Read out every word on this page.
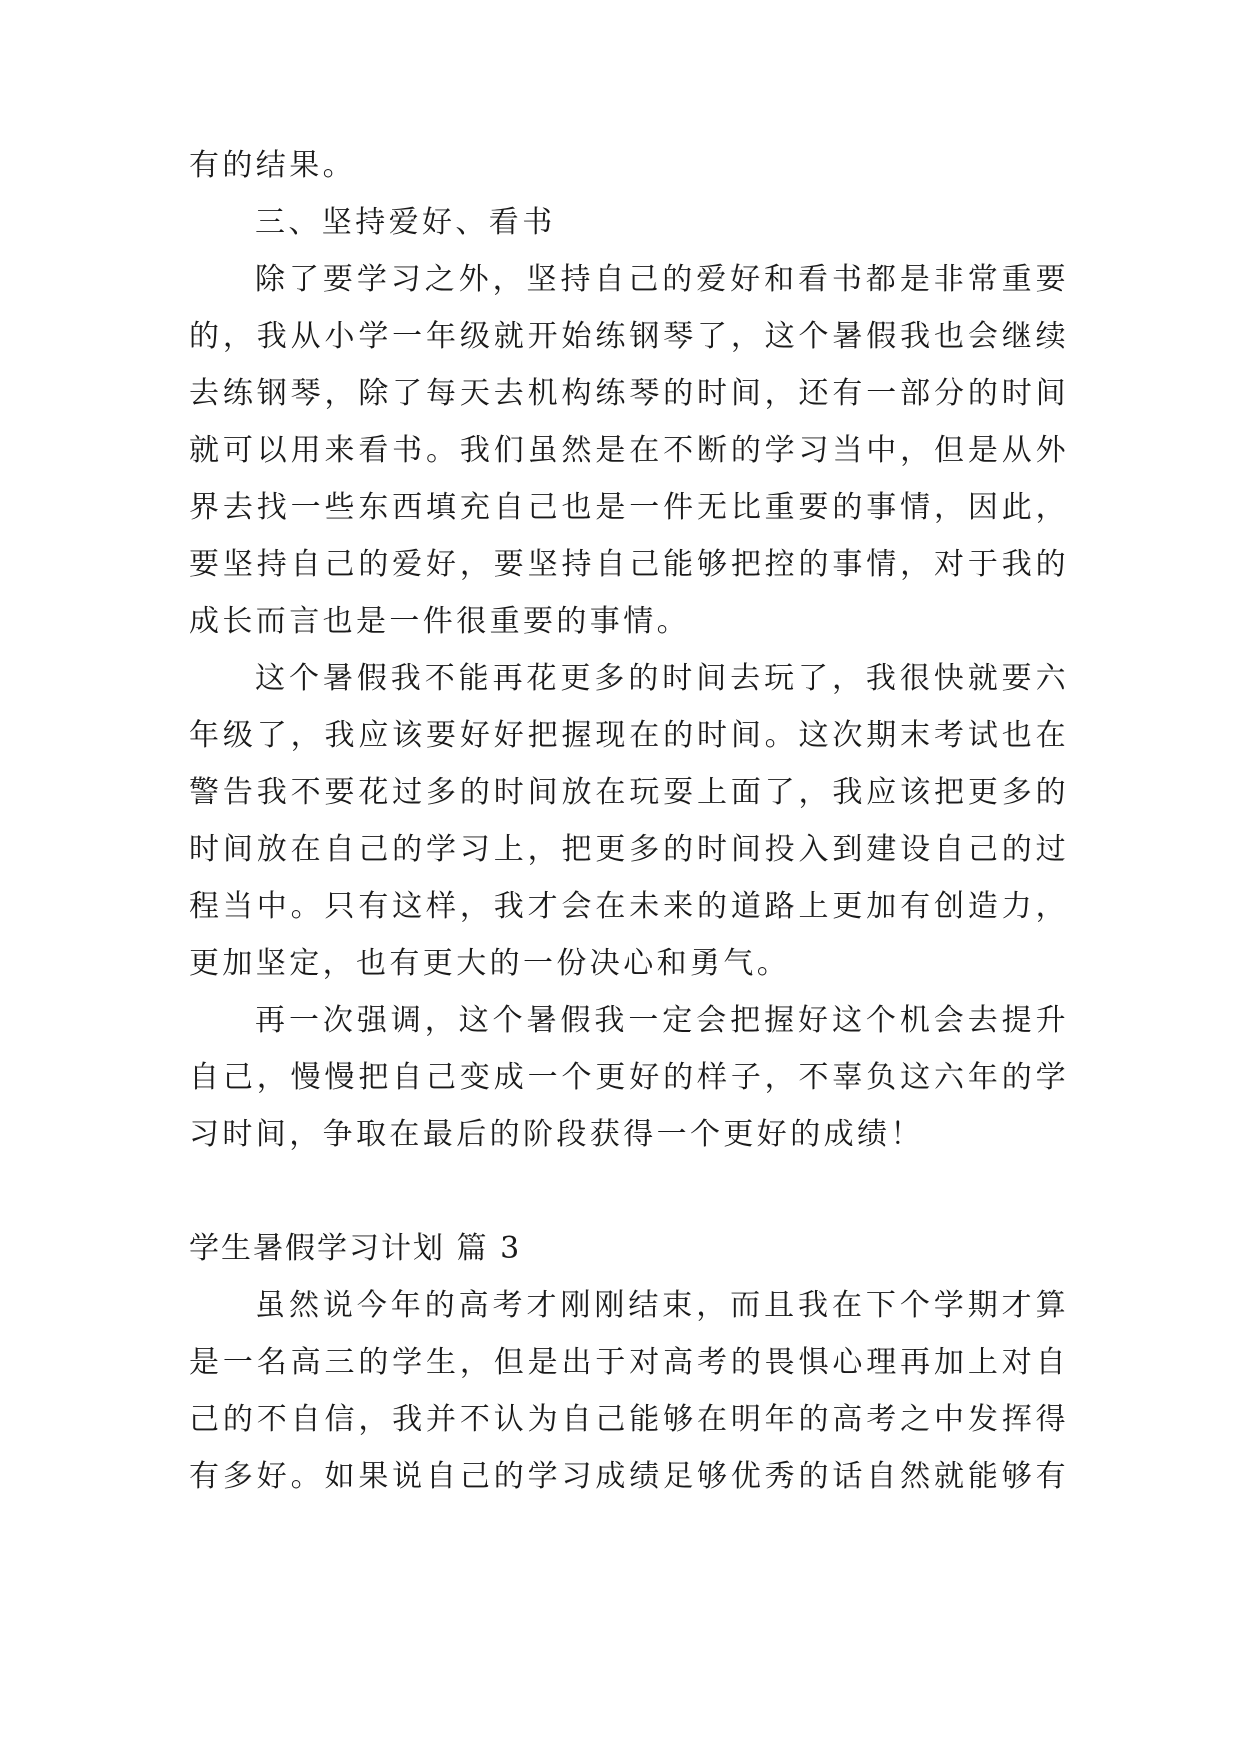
有的结果。
三、坚持爱好、看书
除了要学习之外，坚持自己的爱好和看书都是非常重要
的，我从小学一年级就开始练钢琴了，这个暑假我也会继续
去练钢琴，除了每天去机构练琴的时间，还有一部分的时间
就可以用来看书。我们虽然是在不断的学习当中，但是从外
界去找一些东西填充自己也是一件无比重要的事情，因此，
要坚持自己的爱好，要坚持自己能够把控的事情，对于我的
成长而言也是一件很重要的事情。
这个暑假我不能再花更多的时间去玩了，我很快就要六
年级了，我应该要好好把握现在的时间。这次期末考试也在
警告我不要花过多的时间放在玩耍上面了，我应该把更多的
时间放在自己的学习上，把更多的时间投入到建设自己的过
程当中。只有这样，我才会在未来的道路上更加有创造力，
更加坚定，也有更大的一份决心和勇气。
再一次强调，这个暑假我一定会把握好这个机会去提升
自己，慢慢把自己变成一个更好的样子，不辜负这六年的学
习时间，争取在最后的阶段获得一个更好的成绩！
学生暑假学习计划 篇 3
虽然说今年的高考才刚刚结束，而且我在下个学期才算
是一名高三的学生，但是出于对高考的畏惧心理再加上对自
己的不自信，我并不认为自己能够在明年的高考之中发挥得
有多好。如果说自己的学习成绩足够优秀的话自然就能够有
